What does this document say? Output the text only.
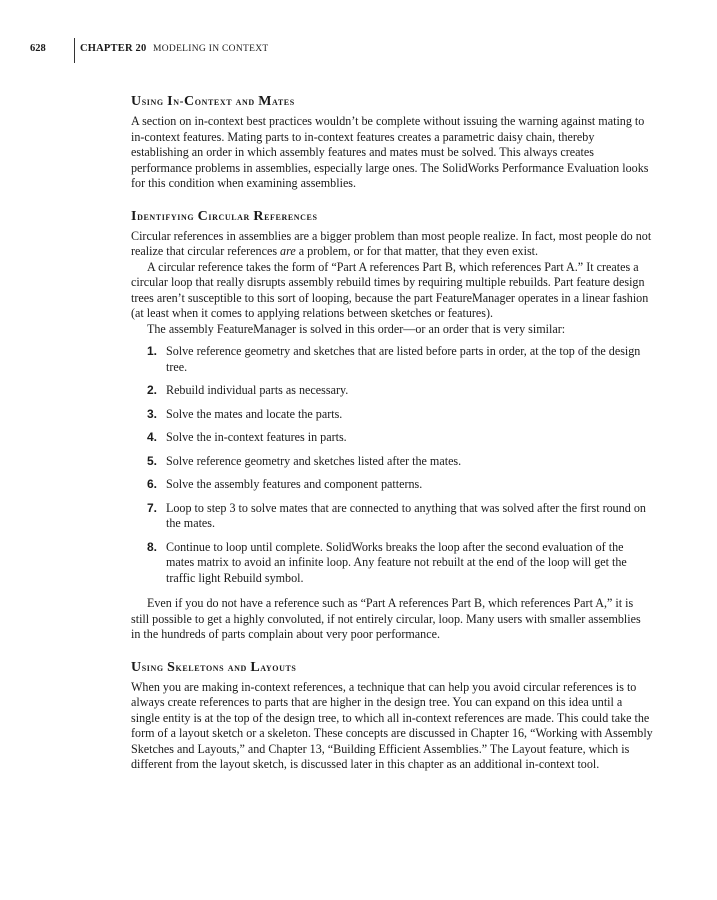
628	CHAPTER 20 MODELING IN CONTEXT
Using In-Context and Mates

A section on in-context best practices wouldn’t be complete without issuing the warning against mating to in-context features. Mating parts to in-context features creates a parametric daisy chain, thereby establishing an order in which assembly features and mates must be solved. This always creates performance problems in assemblies, especially large ones. The SolidWorks Performance Evaluation looks for this condition when examining assemblies.

Identifying Circular References

Circular references in assemblies are a bigger problem than most people realize. In fact, most people do not realize that circular references are a problem, or for that matter, that they even exist.

A circular reference takes the form of “Part A references Part B, which references Part A.” It creates a circular loop that really disrupts assembly rebuild times by requiring multiple rebuilds. Part feature design trees aren’t susceptible to this sort of looping, because the part FeatureManager operates in a linear fashion (at least when it comes to applying relations between sketches or features).

The assembly FeatureManager is solved in this order—or an order that is very similar:

1. Solve reference geometry and sketches that are listed before parts in order, at the top of the design tree.
2. Rebuild individual parts as necessary.
3. Solve the mates and locate the parts.
4. Solve the in-context features in parts.
5. Solve reference geometry and sketches listed after the mates.
6. Solve the assembly features and component patterns.
7. Loop to step 3 to solve mates that are connected to anything that was solved after the first round on the mates.
8. Continue to loop until complete. SolidWorks breaks the loop after the second evaluation of the mates matrix to avoid an infinite loop. Any feature not rebuilt at the end of the loop will get the traffic light Rebuild symbol.

Even if you do not have a reference such as “Part A references Part B, which references Part A,” it is still possible to get a highly convoluted, if not entirely circular, loop. Many users with smaller assemblies in the hundreds of parts complain about very poor performance.

Using Skeletons and Layouts

When you are making in-context references, a technique that can help you avoid circular references is to always create references to parts that are higher in the design tree. You can expand on this idea until a single entity is at the top of the design tree, to which all in-context references are made. This could take the form of a layout sketch or a skeleton. These concepts are discussed in Chapter 16, “Working with Assembly Sketches and Layouts,” and Chapter 13, “Building Efficient Assemblies.” The Layout feature, which is different from the layout sketch, is discussed later in this chapter as an additional in-context tool.
